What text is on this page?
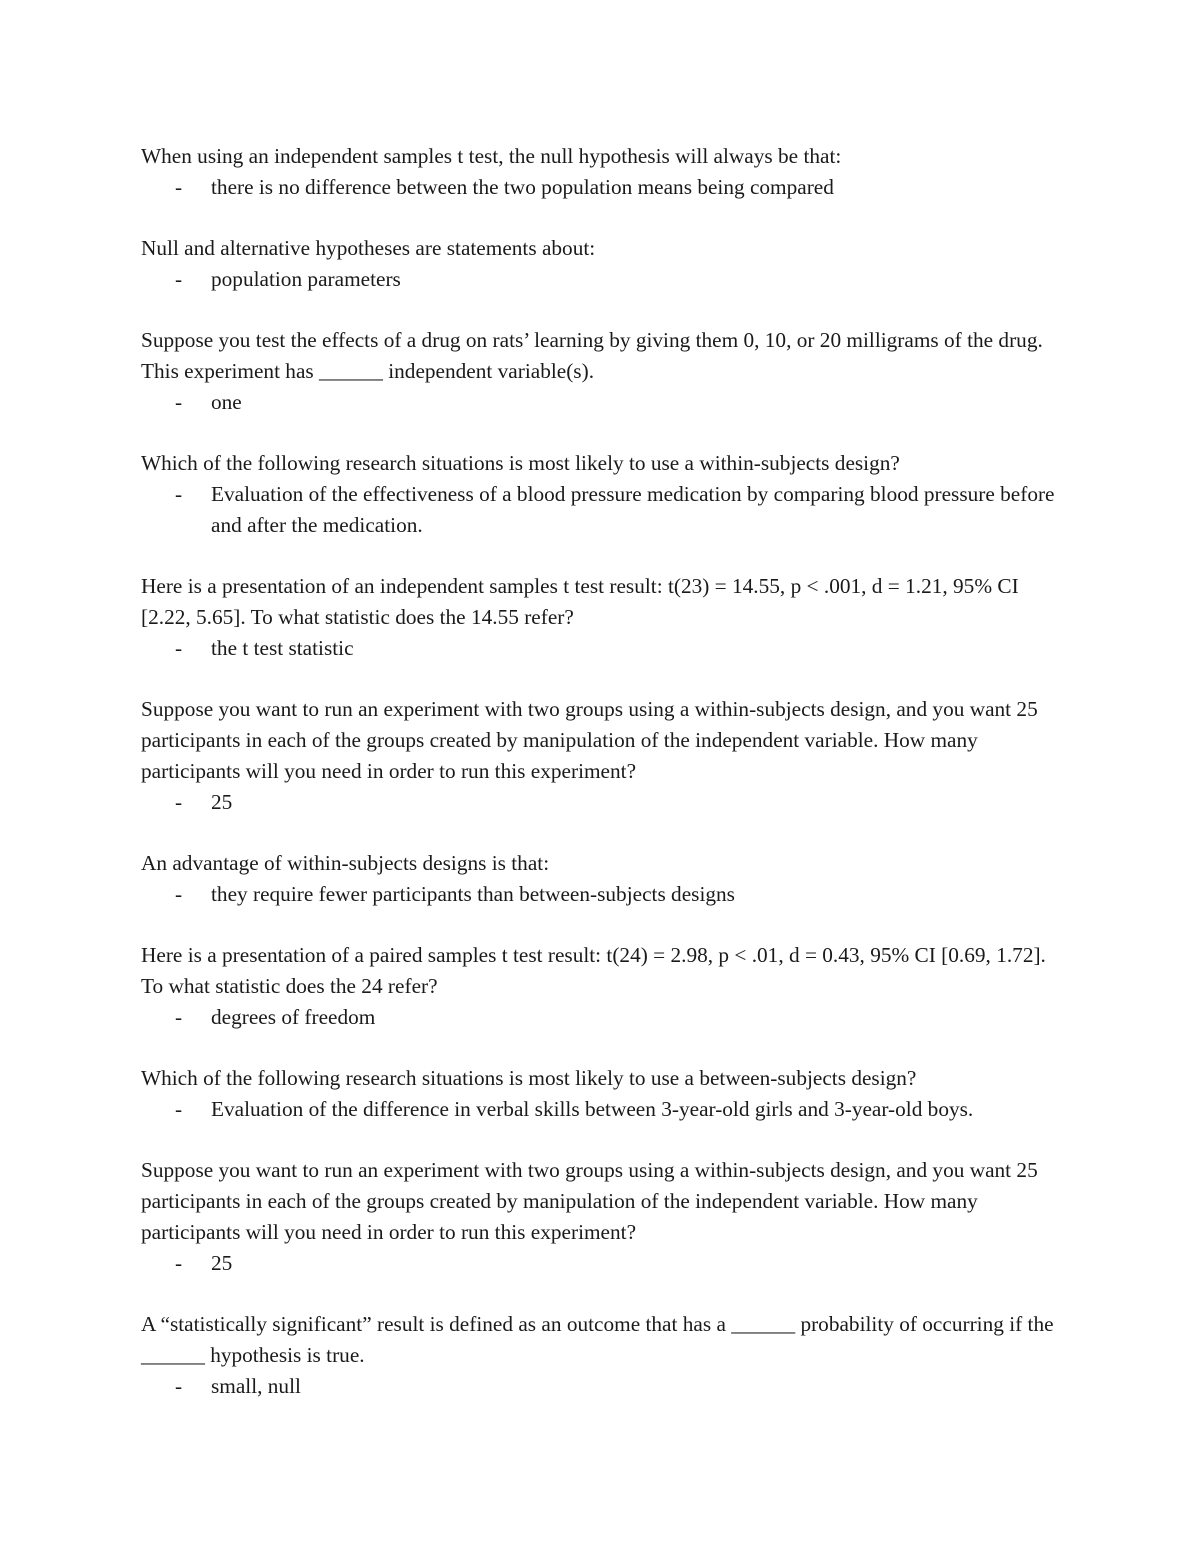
When using an independent samples t test, the null hypothesis will always be that:

- there is no difference between the two population means being compared

Null and alternative hypotheses are statements about:

- population parameters

Suppose you test the effects of a drug on rats’ learning by giving them 0, 10, or 20 milligrams of the drug. This experiment has ______ independent variable(s).

- one

Which of the following research situations is most likely to use a within-subjects design?

- Evaluation of the effectiveness of a blood pressure medication by comparing blood pressure before and after the medication.

Here is a presentation of an independent samples t test result: t(23) = 14.55, p < .001, d = 1.21, 95% CI [2.22, 5.65]. To what statistic does the 14.55 refer?

- the t test statistic

Suppose you want to run an experiment with two groups using a within-subjects design, and you want 25 participants in each of the groups created by manipulation of the independent variable. How many participants will you need in order to run this experiment?

- 25

An advantage of within-subjects designs is that:

- they require fewer participants than between-subjects designs

Here is a presentation of a paired samples t test result: t(24) = 2.98, p < .01, d = 0.43, 95% CI [0.69, 1.72]. To what statistic does the 24 refer?

- degrees of freedom

Which of the following research situations is most likely to use a between-subjects design?

- Evaluation of the difference in verbal skills between 3-year-old girls and 3-year-old boys.

Suppose you want to run an experiment with two groups using a within-subjects design, and you want 25 participants in each of the groups created by manipulation of the independent variable. How many participants will you need in order to run this experiment?

- 25

A “statistically significant” result is defined as an outcome that has a ______ probability of occurring if the ______ hypothesis is true.

- small, null
